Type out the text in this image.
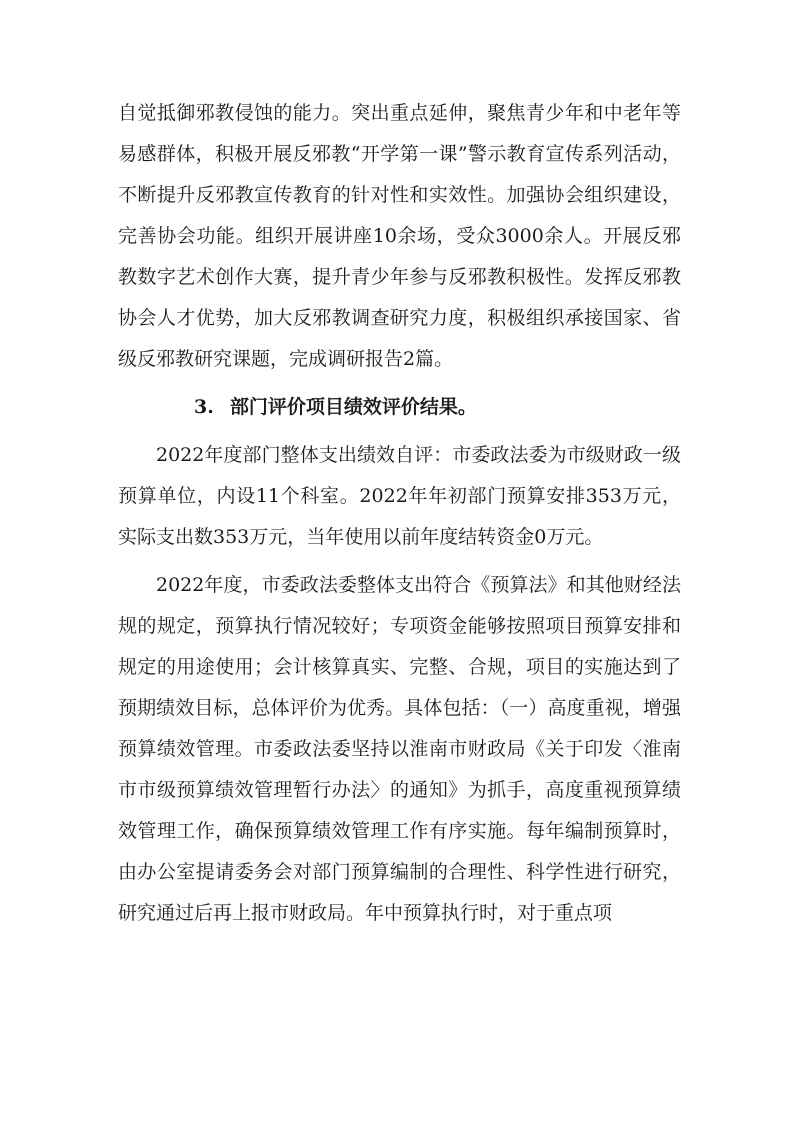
自觉抵御邪教侵蚀的能力。突出重点延伸，聚焦青少年和中老年等易感群体，积极开展反邪教“开学第一课”警示教育宣传系列活动，不断提升反邪教宣传教育的针对性和实效性。加强协会组织建设，完善协会功能。组织开展讲座10余场，受众3000余人。开展反邪教数字艺术创作大赛，提升青少年参与反邪教积极性。发挥反邪教协会人才优势，加大反邪教调查研究力度，积极组织承接国家、省级反邪教研究课题，完成调研报告2篇。

3. 部门评价项目绩效评价结果。

2022年度部门整体支出绩效自评：市委政法委为市级财政一级预算单位，内设11个科室。2022年年初部门预算安排353万元，实际支出数353万元，当年使用以前年度结转资金0万元。

2022年度，市委政法委整体支出符合《预算法》和其他财经法规的规定，预算执行情况较好；专项资金能够按照项目预算安排和规定的用途使用；会计核算真实、完整、合规，项目的实施达到了预期绩效目标，总体评价为优秀。具体包括：（一）高度重视，增强预算绩效管理。市委政法委坚持以淮南市财政局《关于印发〈淮南市市级预算绩效管理暂行办法〉的通知》为抓手，高度重视预算绩效管理工作，确保预算绩效管理工作有序实施。每年编制预算时，由办公室提请委务会对部门预算编制的合理性、科学性进行研究，研究通过后再上报市财政局。年中预算执行时，对于重点项
